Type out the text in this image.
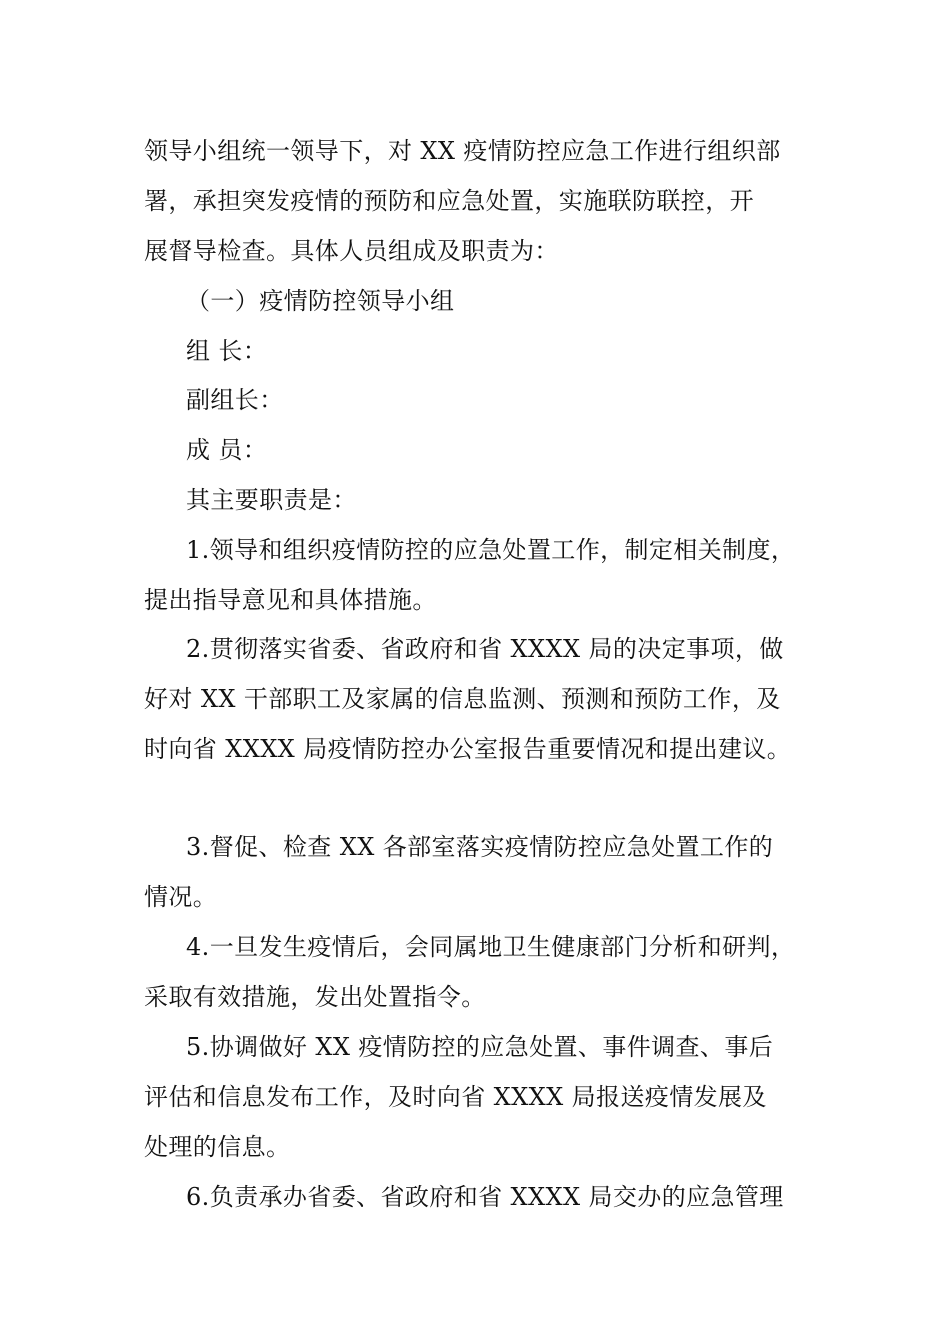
领导小组统一领导下，对 XX 疫情防控应急工作进行组织部
署，承担突发疫情的预防和应急处置，实施联防联控，开
展督导检查。具体人员组成及职责为：
（一）疫情防控领导小组
组 长：
副组长：
成 员：
其主要职责是：
1.领导和组织疫情防控的应急处置工作，制定相关制度，
提出指导意见和具体措施。
2.贯彻落实省委、省政府和省 XXXX 局的决定事项，做
好对 XX 干部职工及家属的信息监测、预测和预防工作，及
时向省 XXXX 局疫情防控办公室报告重要情况和提出建议。
3.督促、检查 XX 各部室落实疫情防控应急处置工作的
情况。
4.一旦发生疫情后，会同属地卫生健康部门分析和研判，
采取有效措施，发出处置指令。
5.协调做好 XX 疫情防控的应急处置、事件调查、事后
评估和信息发布工作，及时向省 XXXX 局报送疫情发展及
处理的信息。
6.负责承办省委、省政府和省 XXXX 局交办的应急管理
